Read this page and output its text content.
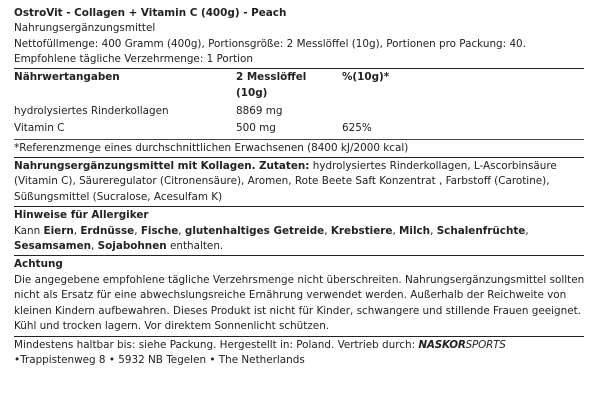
OstroVit - Collagen + Vitamin C (400g) - Peach
Nahrungsergänzungsmittel
Nettofüllmenge: 400 Gramm (400g), Portionsgröße: 2 Messlöffel (10g), Portionen pro Packung: 40.
Empfohlene tägliche Verzehrmenge: 1 Portion
Nährwertangaben	2 Messlöffel	%(10g)*
	(10g)	
hydrolysiertes Rinderkollagen	8869 mg	
Vitamin C	500 mg	625%
*Referenzmenge eines durchschnittlichen Erwachsenen (8400 kJ/2000 kcal)

Nahrungsergänzungsmittel mit Kollagen. Zutaten: hydrolysiertes Rinderkollagen, L-Ascorbinsäure (Vitamin C), Säureregulator (Citronensäure), Aromen, Rote Beete Saft Konzentrat , Farbstoff (Carotine), Süßungsmittel (Sucralose, Acesulfam K)

Hinweise für Allergiker

Kann Eiern, Erdnüsse, Fische, glutenhaltiges Getreide, Krebstiere, Milch, Schalenfrüchte, Sesamsamen, Sojabohnen enthalten.

Achtung

Die angegebene empfohlene tägliche Verzehrsmenge nicht überschreiten. Nahrungsergänzungsmittel sollten nicht als Ersatz für eine abwechslungsreiche Ernährung verwendet werden. Außerhalb der Reichweite von kleinen Kindern aufbewahren. Dieses Produkt ist nicht für Kinder, schwangere und stillende Frauen geeignet. Kühl und trocken lagern. Vor direktem Sonnenlicht schützen.

Mindestens haltbar bis: siehe Packung. Hergestellt in: Poland. Vertrieb durch: NASKORSPORTS

•Trappistenweg 8 • 5932 NB Tegelen • The Netherlands
